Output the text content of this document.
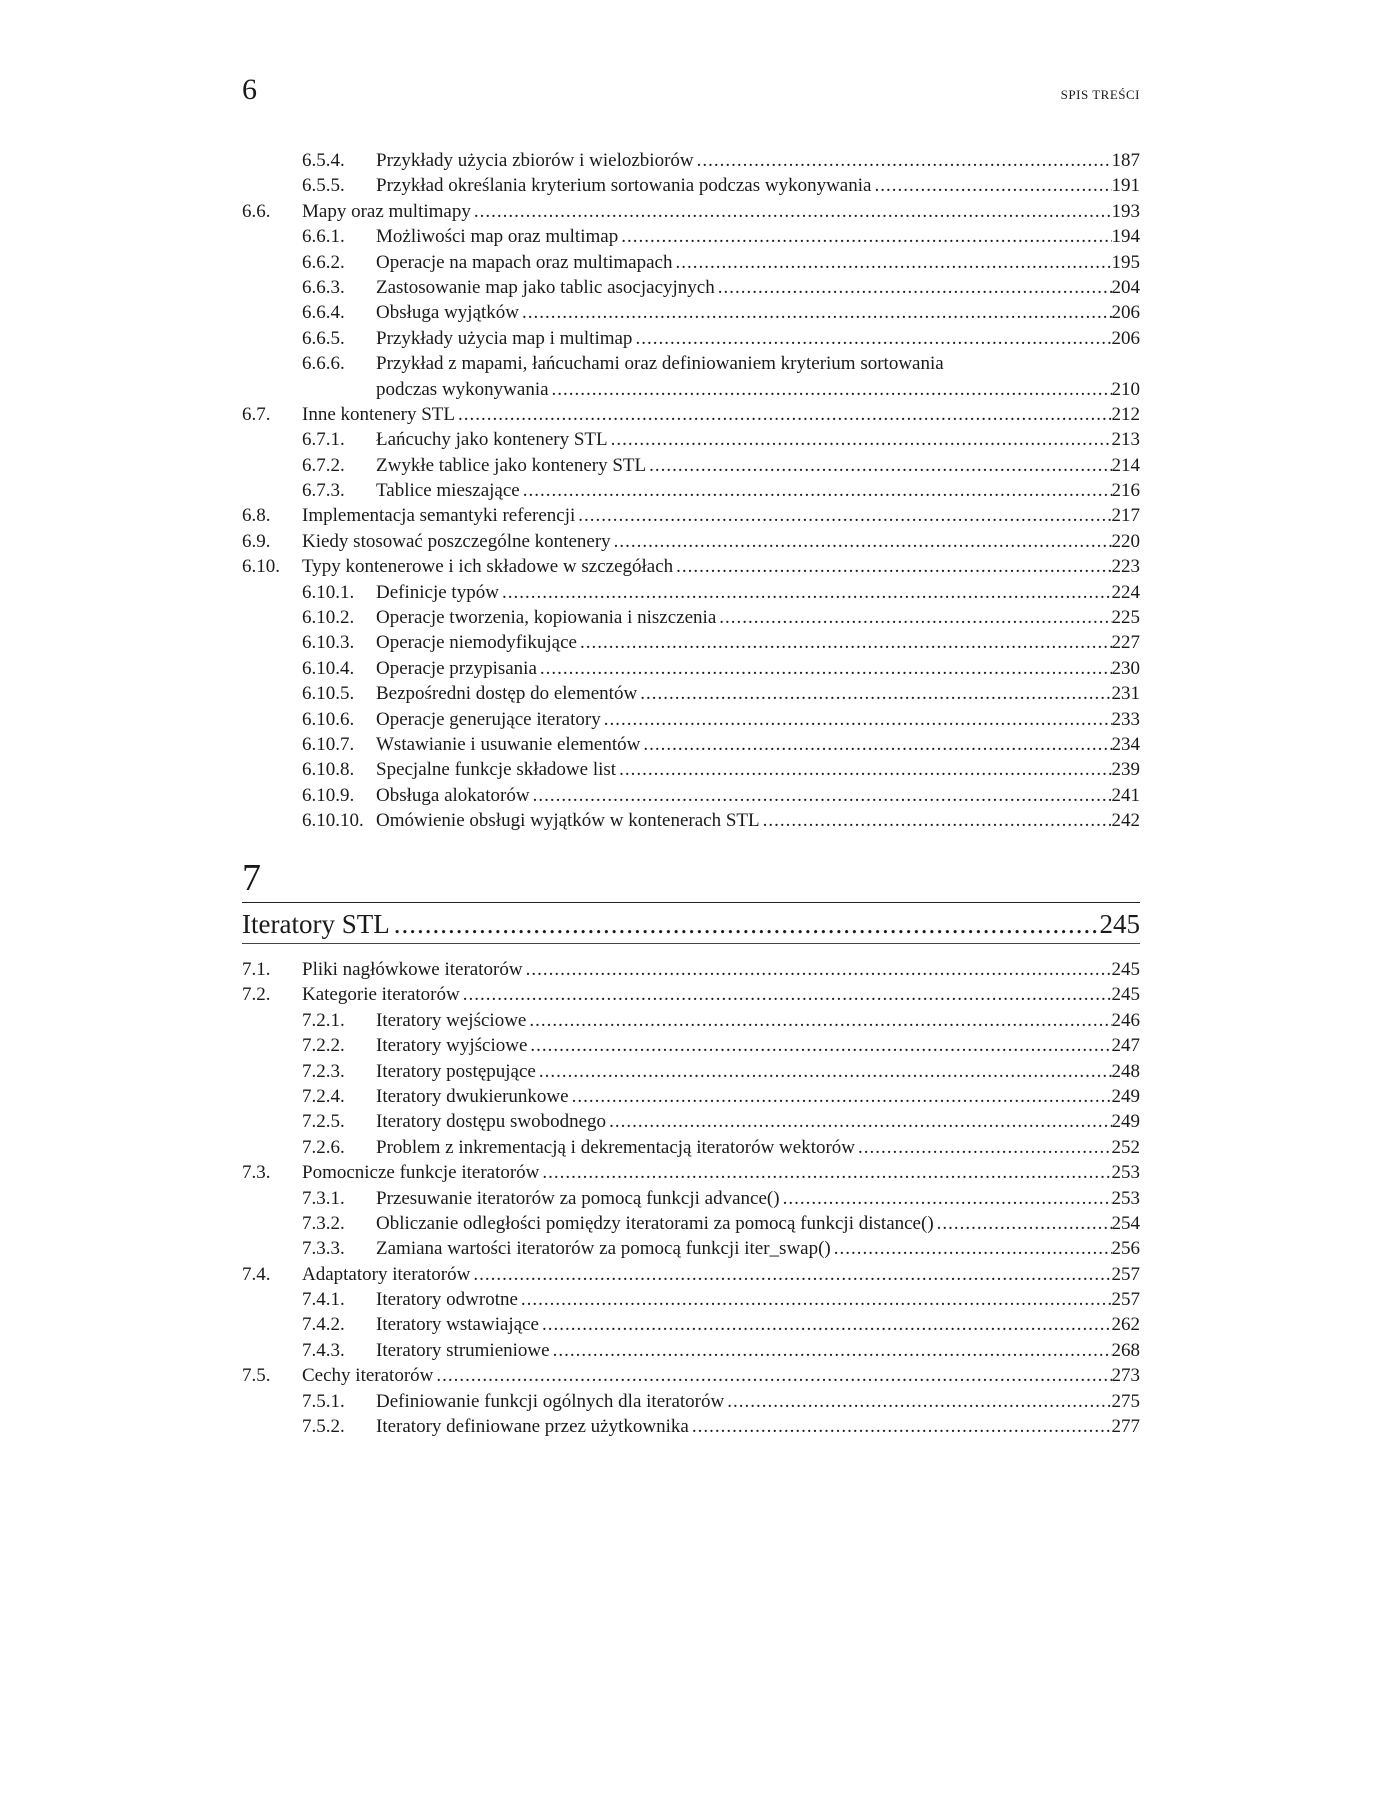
6	SPIS TREŚCI
6.5.4. Przykłady użycia zbiorów i wielozbiorów .....	187
6.5.5. Przykład określania kryterium sortowania podczas wykonywania .....	191
6.6. Mapy oraz multimapy .....	193
6.6.1. Możliwości map oraz multimap .....	194
6.6.2. Operacje na mapach oraz multimapach .....	195
6.6.3. Zastosowanie map jako tablic asocjacyjnych .....	204
6.6.4. Obsługa wyjątków .....	206
6.6.5. Przykłady użycia map i multimap .....	206
6.6.6. Przykład z mapami, łańcuchami oraz definiowaniem kryterium sortowania
podczas wykonywania .....	210
6.7. Inne kontenery STL .....	212
6.7.1. Łańcuchy jako kontenery STL .....	213
6.7.2. Zwykłe tablice jako kontenery STL .....	214
6.7.3. Tablice mieszające .....	216
6.8. Implementacja semantyki referencji .....	217
6.9. Kiedy stosować poszczególne kontenery .....	220
6.10. Typy kontenerowe i ich składowe w szczegółach .....	223
6.10.1. Definicje typów .....	224
6.10.2. Operacje tworzenia, kopiowania i niszczenia .....	225
6.10.3. Operacje niemodyfikujące .....	227
6.10.4. Operacje przypisania .....	230
6.10.5. Bezpośredni dostęp do elementów .....	231
6.10.6. Operacje generujące iteratory .....	233
6.10.7. Wstawianie i usuwanie elementów .....	234
6.10.8. Specjalne funkcje składowe list .....	239
6.10.9. Obsługa alokatorów .....	241
6.10.10. Omówienie obsługi wyjątków w kontenerach STL .....	242
7
Iteratory STL .....	245
7.1. Pliki nagłówkowe iteratorów .....	245
7.2. Kategorie iteratorów .....	245
7.2.1. Iteratory wejściowe .....	246
7.2.2. Iteratory wyjściowe .....	247
7.2.3. Iteratory postępujące .....	248
7.2.4. Iteratory dwukierunkowe .....	249
7.2.5. Iteratory dostępu swobodnego .....	249
7.2.6. Problem z inkrementacją i dekrementacją iteratorów wektorów .....	252
7.3. Pomocnicze funkcje iteratorów .....	253
7.3.1. Przesuwanie iteratorów za pomocą funkcji advance() .....	253
7.3.2. Obliczanie odległości pomiędzy iteratorami za pomocą funkcji distance() .....	254
7.3.3. Zamiana wartości iteratorów za pomocą funkcji iter_swap() .....	256
7.4. Adaptatory iteratorów .....	257
7.4.1. Iteratory odwrotne .....	257
7.4.2. Iteratory wstawiające .....	262
7.4.3. Iteratory strumieniowe .....	268
7.5. Cechy iteratorów .....	273
7.5.1. Definiowanie funkcji ogólnych dla iteratorów .....	275
7.5.2. Iteratory definiowane przez użytkownika .....	277
